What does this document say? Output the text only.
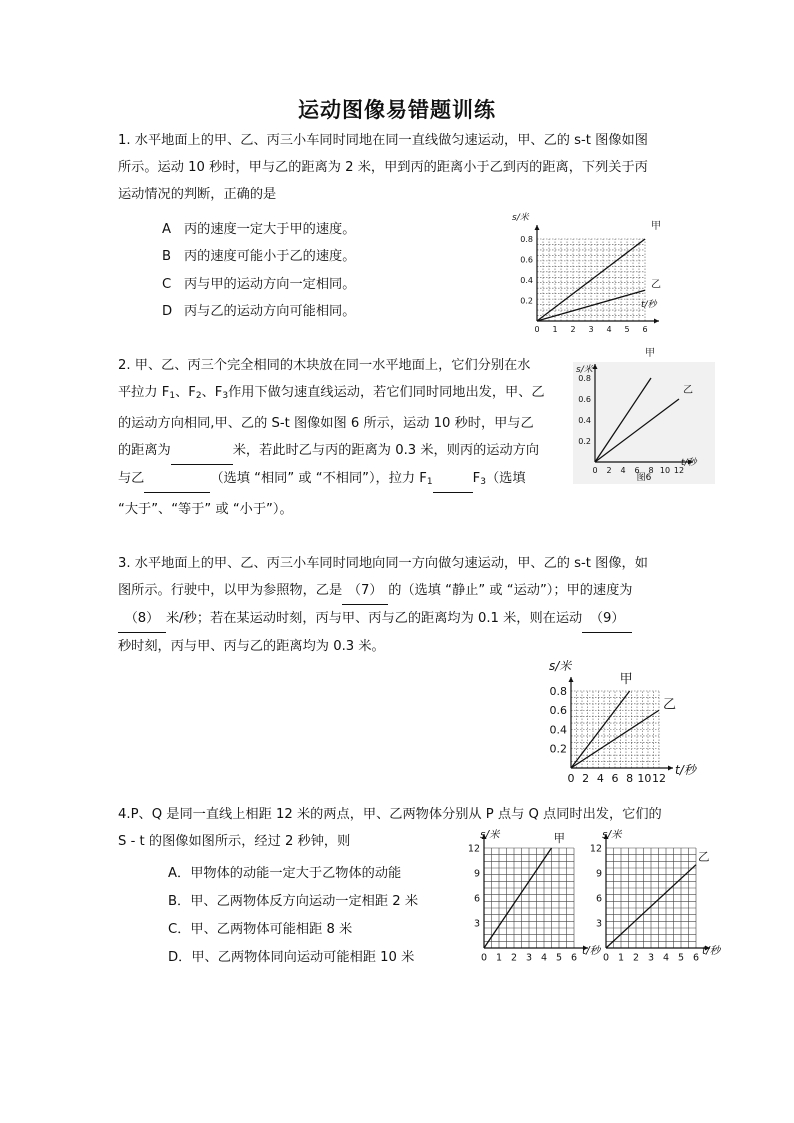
运动图像易错题训练
1. 水平地面上的甲、乙、丙三小车同时同地在同一直线做匀速运动，甲、乙的 s-t 图像如图
所示。运动 10 秒时，甲与乙的距离为 2 米，甲到丙的距离小于乙到丙的距离，下列关于丙
运动情况的判断，正确的是
A 丙的速度一定大于甲的速度。
B 丙的速度可能小于乙的速度。
C 丙与甲的运动方向一定相同。
D 丙与乙的运动方向可能相同。
0 1 2 3 4 5 6
0.2
0.4
0.6
0.8
s/米
t/秒
甲
乙
2. 甲、乙、丙三个完全相同的木块放在同一水平地面上，它们分别在水
平拉力 $F_1$、$F_2$、$F_3$作用下做匀速直线运动，若它们同时同地出发，甲、乙
的运动方向相同,甲、乙的 S-t 图像如图 6 所示，运动 10 秒时，甲与乙
的距离为	米，若此时乙与丙的距离为 0.3 米，则丙的运动方向
与乙	（选填 “相同” 或 “不相同”），拉力 $F_1$	$F_3$（选填
“大于”、“等于” 或 “小于”）。
0 2 4 6 8 10 12
0.2
0.4
0.6
0.8
s/米
t/秒
甲
乙
图6
3. 水平地面上的甲、乙、丙三小车同时同地向同一方向做匀速运动，甲、乙的 s-t 图像，如
图所示。行驶中，以甲为参照物，乙是 （7） 的（选填 “静止” 或 “运动”）；甲的速度为
（8） 米/秒；若在某运动时刻，丙与甲、丙与乙的距离均为 0.1 米，则在运动 （9）
秒时刻，丙与甲、丙与乙的距离均为 0.3 米。
0 2 4 6 8 10 12
0.2
0.4
0.6
0.8
s/米
t/秒
甲
乙
4.P、Q 是同一直线上相距 12 米的两点，甲、乙两物体分别从 P 点与 Q 点同时出发，它们的
S - t 的图像如图所示，经过 2 秒钟，则
A．甲物体的动能一定大于乙物体的动能
B．甲、乙两物体反方向运动一定相距 2 米
C．甲、乙两物体可能相距 8 米
D．甲、乙两物体同向运动可能相距 10 米	0 1 2 3 4 5 6
3
6
9
12
s/米
t/秒
甲
0 1 2 3 4 5 6
3
6
9
12
s/米
t/秒
乙
